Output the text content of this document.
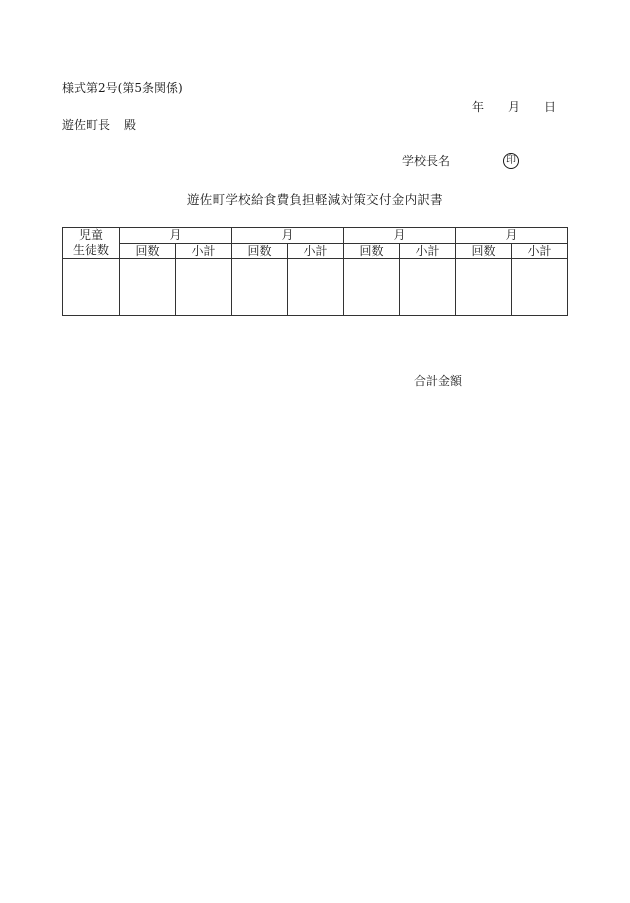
様式第2号(第5条関係)
年 月 日
遊佐町長 殿
学校長名	印
遊佐町学校給食費負担軽減対策交付金内訳書
児童
生徒数	月		月		月		月	
	回数	小計	回数	小計	回数	小計	回数	小計

合計金額
